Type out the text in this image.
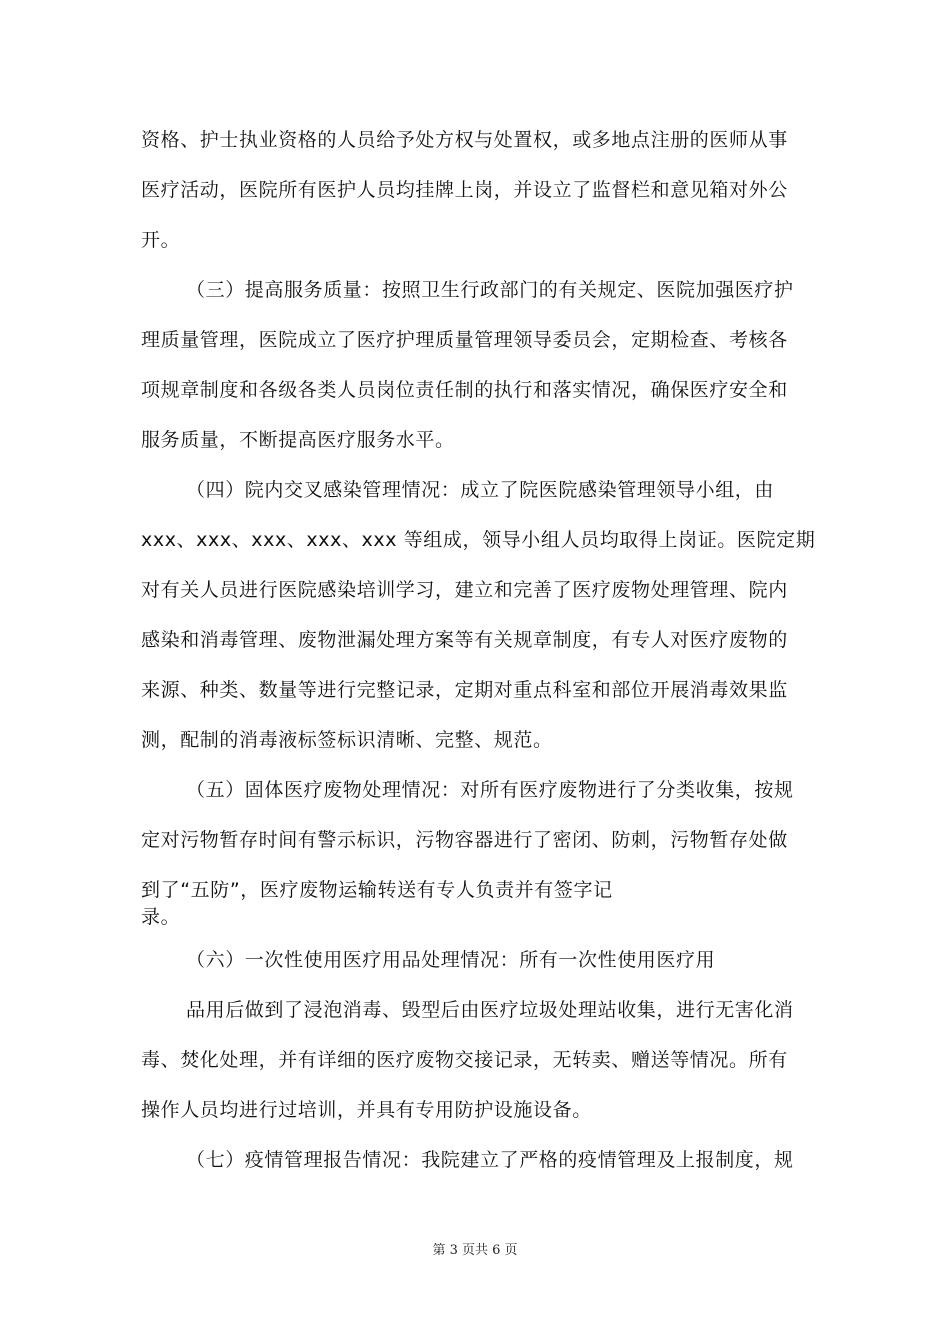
资格、护士执业资格的人员给予处方权与处置权，或多地点注册的医师从事
医疗活动，医院所有医护人员均挂牌上岗，并设立了监督栏和意见箱对外公
开。
（三）提高服务质量：按照卫生行政部门的有关规定、医院加强医疗护
理质量管理，医院成立了医疗护理质量管理领导委员会，定期检查、考核各
项规章制度和各级各类人员岗位责任制的执行和落实情况，确保医疗安全和
服务质量，不断提高医疗服务水平。
（四）院内交叉感染管理情况：成立了院医院感染管理领导小组，由
xxx、xxx、xxx、xxx、xxx 等组成，领导小组人员均取得上岗证。医院定期
对有关人员进行医院感染培训学习，建立和完善了医疗废物处理管理、院内
感染和消毒管理、废物泄漏处理方案等有关规章制度，有专人对医疗废物的
来源、种类、数量等进行完整记录，定期对重点科室和部位开展消毒效果监
测，配制的消毒液标签标识清晰、完整、规范。
（五）固体医疗废物处理情况：对所有医疗废物进行了分类收集，按规
定对污物暂存时间有警示标识，污物容器进行了密闭、防刺，污物暂存处做
到了“五防”，医疗废物运输转送有专人负责并有签字记
录。
（六）一次性使用医疗用品处理情况：所有一次性使用医疗用
品用后做到了浸泡消毒、毁型后由医疗垃圾处理站收集，进行无害化消
毒、焚化处理，并有详细的医疗废物交接记录，无转卖、赠送等情况。所有
操作人员均进行过培训，并具有专用防护设施设备。
（七）疫情管理报告情况：我院建立了严格的疫情管理及上报制度，规
第 3 页共 6 页
